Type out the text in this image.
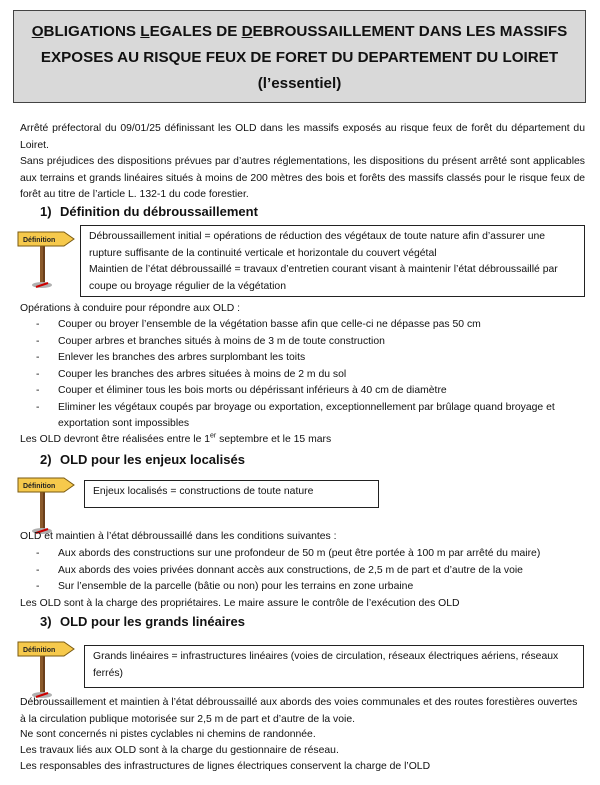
OBLIGATIONS LEGALES DE DEBROUSSAILLEMENT DANS LES MASSIFS
EXPOSES AU RISQUE FEUX DE FORET DU DEPARTEMENT DU LOIRET
(l’essentiel)
Arrêté préfectoral du 09/01/25 définissant les OLD dans les massifs exposés au risque feux de forêt du département du Loiret.
Sans préjudices des dispositions prévues par d’autres réglementations, les dispositions du présent arrêté sont applicables aux terrains et grands linéaires situés à moins de 200 mètres des bois et forêts des massifs classés pour le risque feux de forêt au titre de l’article L. 132-1 du code forestier.
1) Définition du débroussaillement
Définition	Débroussaillement initial = opérations de réduction des végétaux de toute nature afin d’assurer une rupture suffisante de la continuité verticale et horizontale du couvert végétal
Maintien de l’état débroussaillé = travaux d’entretien courant visant à maintenir l’état débroussaillé par coupe ou broyage régulier de la végétation
Opérations à conduire pour répondre aux OLD :
- Couper ou broyer l’ensemble de la végétation basse afin que celle-ci ne dépasse pas 50 cm
- Couper arbres et branches situés à moins de 3 m de toute construction
- Enlever les branches des arbres surplombant les toits
- Couper les branches des arbres situées à moins de 2 m du sol
- Couper et éliminer tous les bois morts ou dépérissant inférieurs à 40 cm de diamètre
- Eliminer les végétaux coupés par broyage ou exportation, exceptionnellement par brûlage quand broyage et exportation sont impossibles
Les OLD devront être réalisées entre le 1er septembre et le 15 mars
2) OLD pour les enjeux localisés
Définition	Enjeux localisés = constructions de toute nature
OLD et maintien à l’état débroussaillé dans les conditions suivantes :
- Aux abords des constructions sur une profondeur de 50 m (peut être portée à 100 m par arrêté du maire)
- Aux abords des voies privées donnant accès aux constructions, de 2,5 m de part et d’autre de la voie
- Sur l’ensemble de la parcelle (bâtie ou non) pour les terrains en zone urbaine
Les OLD sont à la charge des propriétaires. Le maire assure le contrôle de l’exécution des OLD
3) OLD pour les grands linéaires
Définition
Grands linéaires = infrastructures linéaires (voies de circulation, réseaux électriques aériens, réseaux ferrés)
Débroussaillement et maintien à l’état débroussaillé aux abords des voies communales et des routes forestières ouvertes à la circulation publique motorisée sur 2,5 m de part et d’autre de la voie.
Ne sont concernés ni pistes cyclables ni chemins de randonnée.
Les travaux liés aux OLD sont à la charge du gestionnaire de réseau.
Les responsables des infrastructures de lignes électriques conservent la charge de l’OLD
